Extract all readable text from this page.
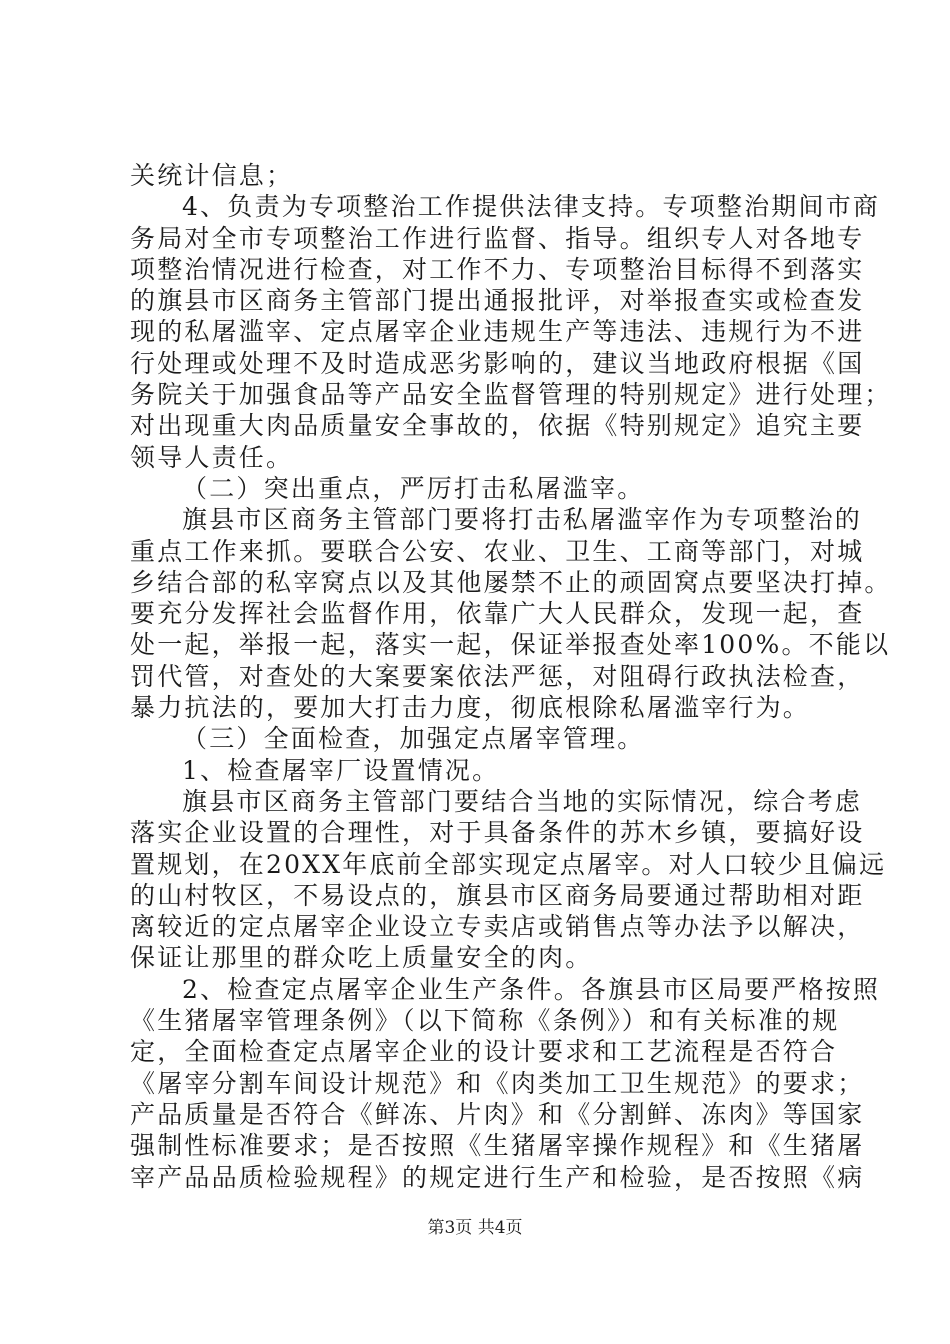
关统计信息；
4、负责为专项整治工作提供法律支持。专项整治期间市商
务局对全市专项整治工作进行监督、指导。组织专人对各地专
项整治情况进行检查，对工作不力、专项整治目标得不到落实
的旗县市区商务主管部门提出通报批评，对举报查实或检查发
现的私屠滥宰、定点屠宰企业违规生产等违法、违规行为不进
行处理或处理不及时造成恶劣影响的，建议当地政府根据《国
务院关于加强食品等产品安全监督管理的特别规定》进行处理；
对出现重大肉品质量安全事故的，依据《特别规定》追究主要
领导人责任。
（二）突出重点，严厉打击私屠滥宰。
旗县市区商务主管部门要将打击私屠滥宰作为专项整治的
重点工作来抓。要联合公安、农业、卫生、工商等部门，对城
乡结合部的私宰窝点以及其他屡禁不止的顽固窝点要坚决打掉。
要充分发挥社会监督作用，依靠广大人民群众，发现一起，查
处一起，举报一起，落实一起，保证举报查处率100%。不能以
罚代管，对查处的大案要案依法严惩，对阻碍行政执法检查，
暴力抗法的，要加大打击力度，彻底根除私屠滥宰行为。
（三）全面检查，加强定点屠宰管理。
1、检查屠宰厂设置情况。
旗县市区商务主管部门要结合当地的实际情况，综合考虑
落实企业设置的合理性，对于具备条件的苏木乡镇，要搞好设
置规划，在20XX年底前全部实现定点屠宰。对人口较少且偏远
的山村牧区，不易设点的，旗县市区商务局要通过帮助相对距
离较近的定点屠宰企业设立专卖店或销售点等办法予以解决，
保证让那里的群众吃上质量安全的肉。
2、检查定点屠宰企业生产条件。各旗县市区局要严格按照
《生猪屠宰管理条例》（以下简称《条例》）和有关标准的规
定，全面检查定点屠宰企业的设计要求和工艺流程是否符合
《屠宰分割车间设计规范》和《肉类加工卫生规范》的要求；
产品质量是否符合《鲜冻、片肉》和《分割鲜、冻肉》等国家
强制性标准要求；是否按照《生猪屠宰操作规程》和《生猪屠
宰产品品质检验规程》的规定进行生产和检验，是否按照《病
第3页 共4页
